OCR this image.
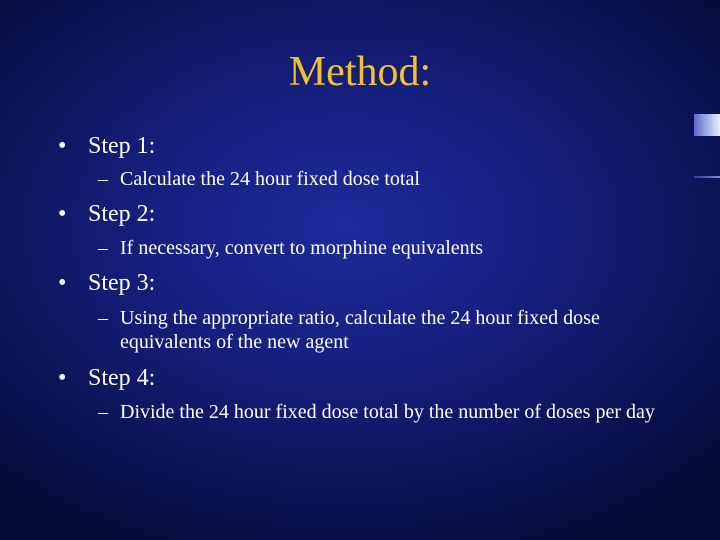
Method:
• Step 1:
– Calculate the 24 hour fixed dose total
• Step 2:
– If necessary, convert to morphine equivalents
• Step 3:
– Using the appropriate ratio, calculate the 24 hour fixed dose equivalents of the new agent
• Step 4:
– Divide the 24 hour fixed dose total by the number of doses per day
